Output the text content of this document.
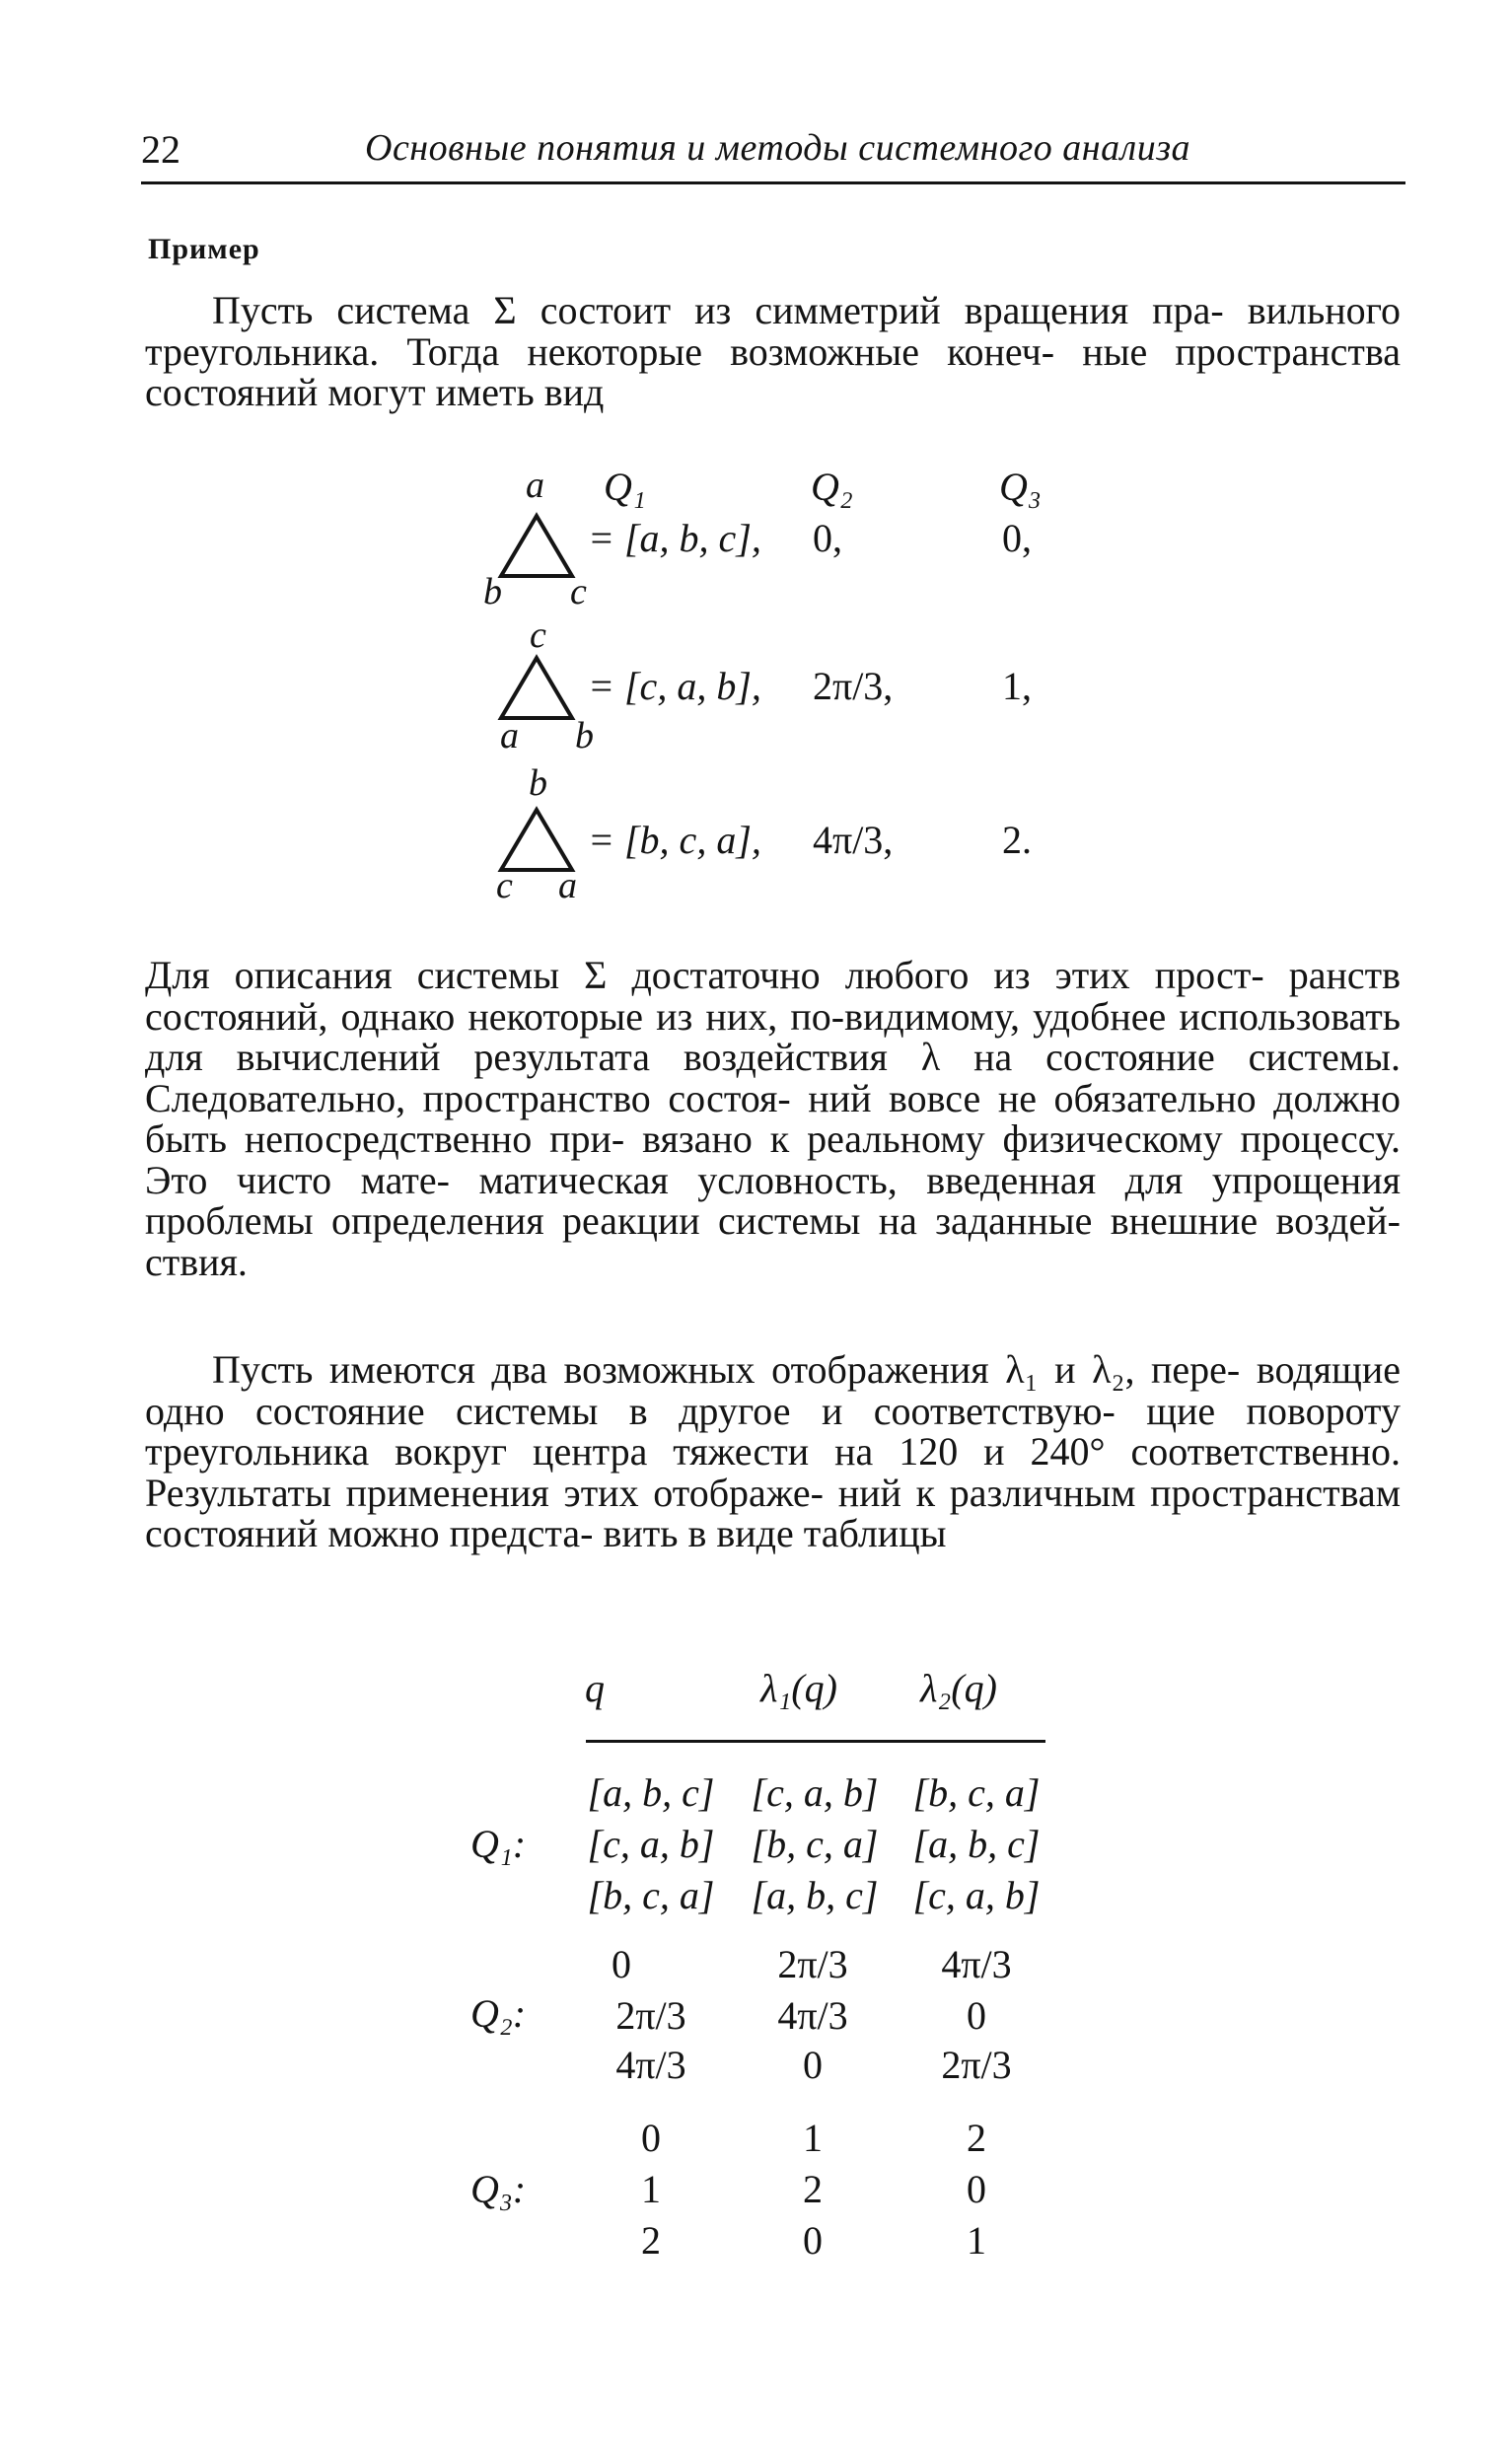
22	Основные понятия и методы системного анализа
Пример

Пусть система Σ состоит из симметрий вращения пра- вильного треугольника. Тогда некоторые возможные конеч- ные пространства состояний могут иметь вид

Q₁	Q₂	Q₃
a
b c
= [a, b, c], 0,	0,
c
a b
= [c, a, b], 2π/3,	1,
b
c a
= [b, c, a], 4π/3,	2.

Для описания системы Σ достаточно любого из этих прост- ранств состояний, однако некоторые из них, по-видимому, удобнее использовать для вычислений результата воздействия λ на состояние системы. Следовательно, пространство состоя- ний вовсе не обязательно должно быть непосредственно при- вязано к реальному физическому процессу. Это чисто мате- матическая условность, введенная для упрощения проблемы определения реакции системы на заданные внешние воздей- ствия.

Пусть имеются два возможных отображения λ₁ и λ₂, пере- водящие одно состояние системы в другое и соответствую- щие повороту треугольника вокруг центра тяжести на 120 и 240° соответственно. Результаты применения этих отображе- ний к различным пространствам состояний можно предста- вить в виде таблицы

q	λ₁(q) λ₂(q)
Q₁:
[a, b, c] [c, a, b] [b, c, a]
[c, a, b] [b, c, a] [a, b, c]
[b, c, a] [a, b, c] [c, a, b]
Q₂:
0	2π/3 4π/3
2π/3 4π/3	0
4π/3	0	2π/3
Q₃:
0	1	2
1	2	0
2	0	1
